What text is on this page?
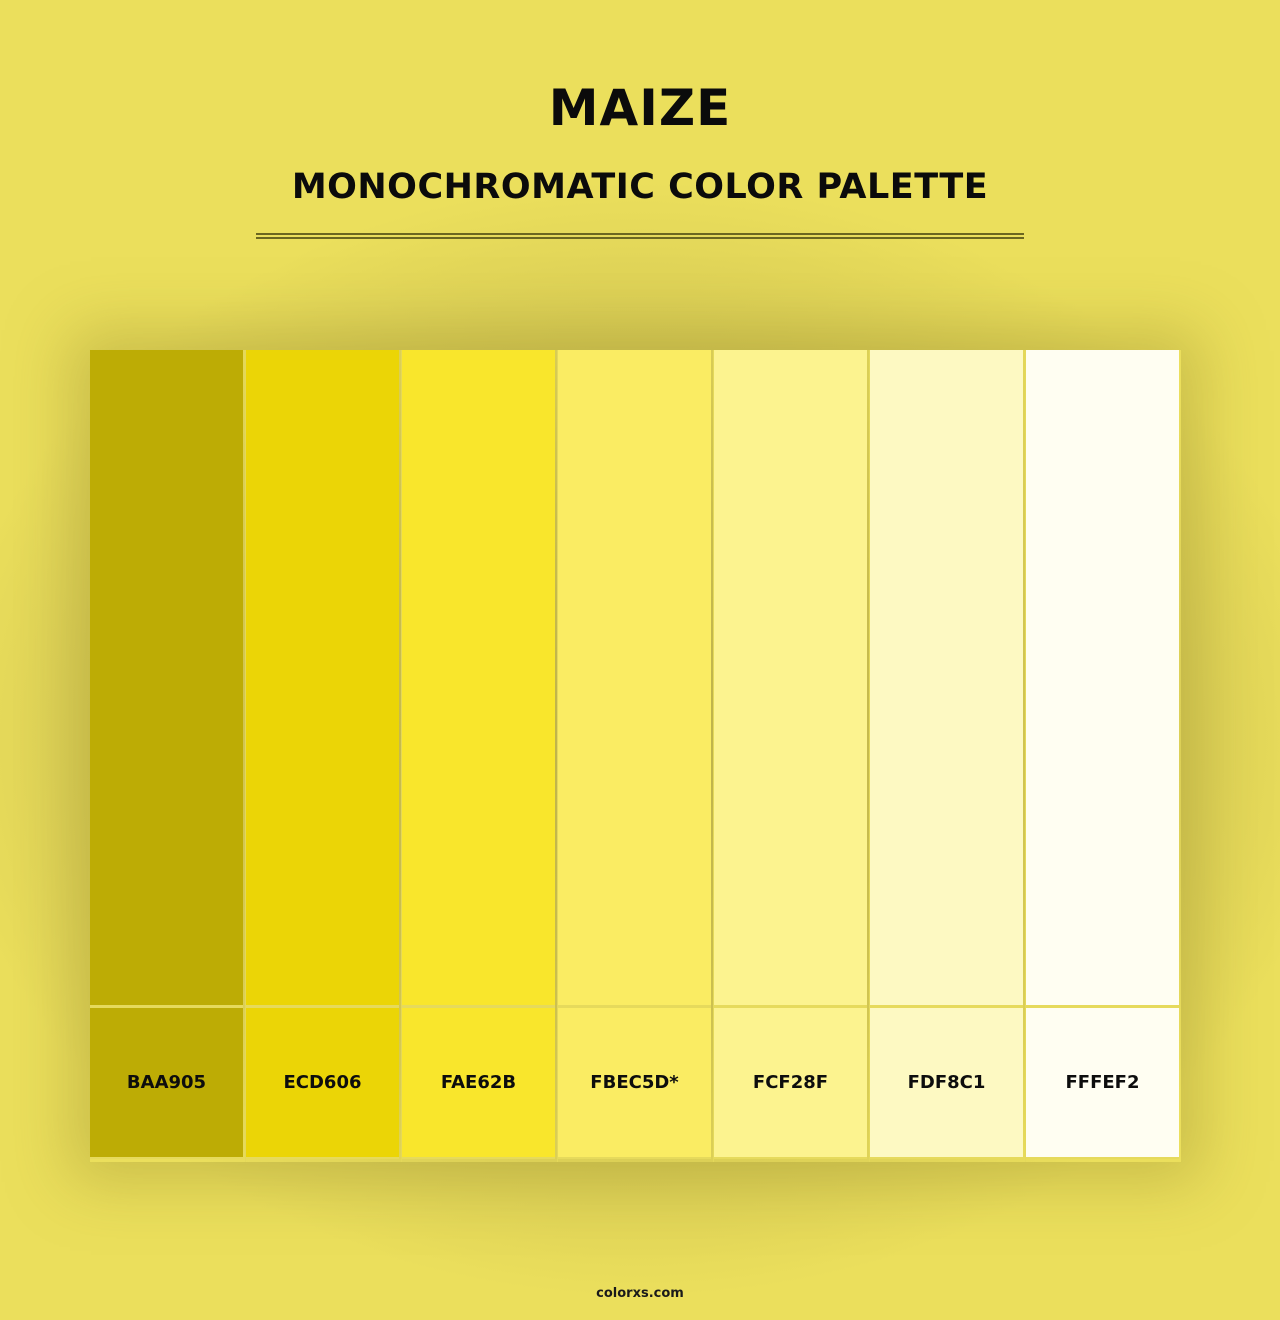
MAIZE
MONOCHROMATIC COLOR PALETTE
BAA905	ECD606	FAE62B	FBEC5D*	FCF28F	FDF8C1	FFFEF2
colorxs.com
